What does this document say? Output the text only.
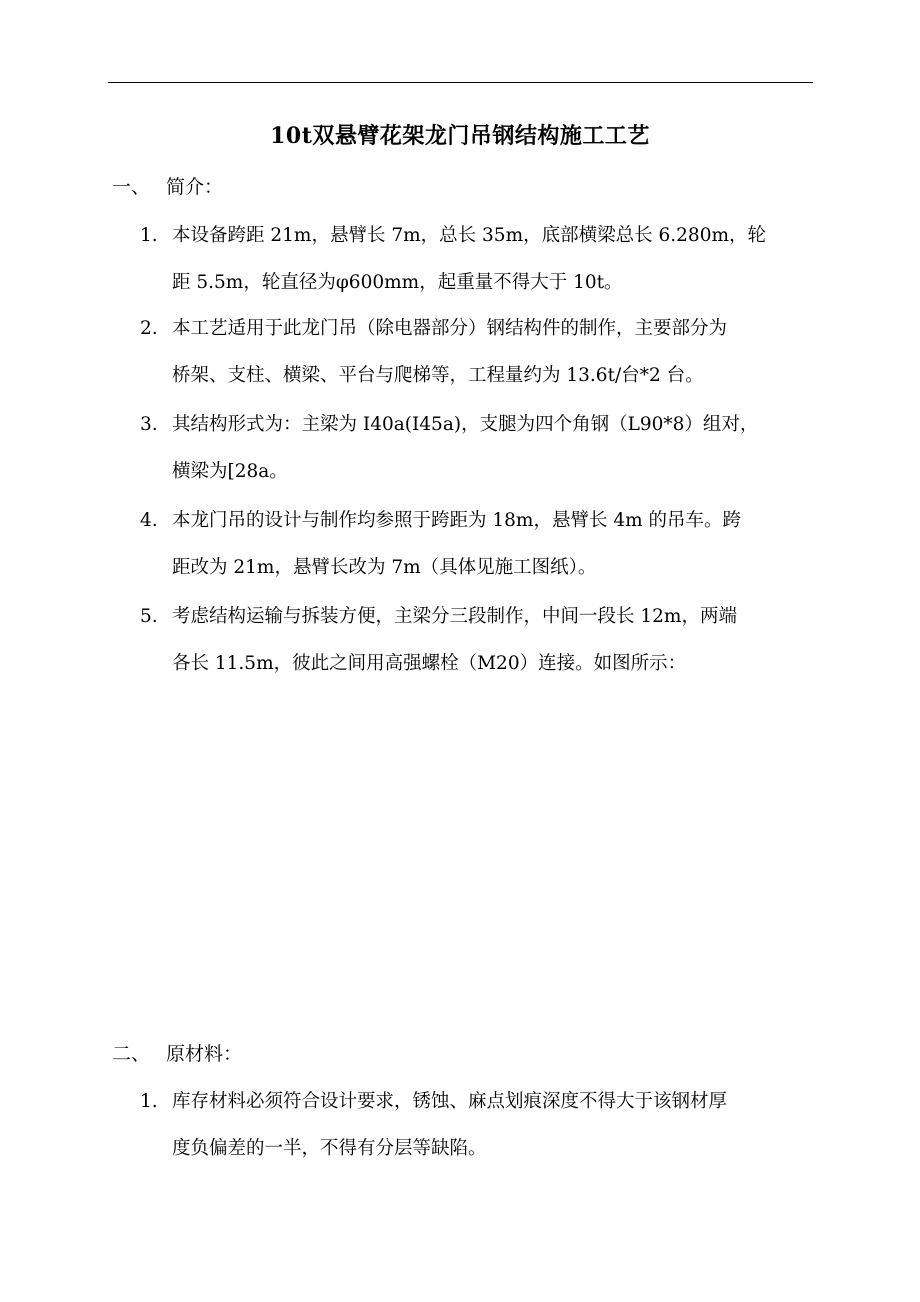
10t双悬臂花架龙门吊钢结构施工工艺
一、 简介：
1. 本设备跨距 21m，悬臂长 7m，总长 35m，底部横梁总长 6.280m，轮
距 5.5m，轮直径为φ600mm，起重量不得大于 10t。
2. 本工艺适用于此龙门吊（除电器部分）钢结构件的制作，主要部分为
桥架、支柱、横梁、平台与爬梯等，工程量约为 13.6t/台*2 台。
3. 其结构形式为：主梁为 I40a(I45a)，支腿为四个角钢（L90*8）组对，
横梁为[28a。
4. 本龙门吊的设计与制作均参照于跨距为 18m，悬臂长 4m 的吊车。跨
距改为 21m，悬臂长改为 7m（具体见施工图纸）。
5. 考虑结构运输与拆装方便，主梁分三段制作，中间一段长 12m，两端
各长 11.5m，彼此之间用高强螺栓（M20）连接。如图所示：
二、 原材料：
1. 库存材料必须符合设计要求，锈蚀、麻点划痕深度不得大于该钢材厚
度负偏差的一半，不得有分层等缺陷。
